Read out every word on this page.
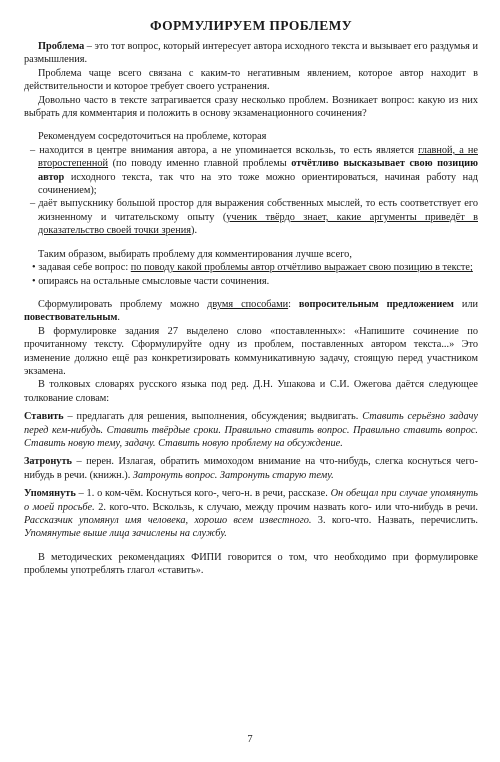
ФОРМУЛИРУЕМ ПРОБЛЕМУ

Проблема – это тот вопрос, который интересует автора исходного текста и вызывает его раздумья и размышления.

Проблема чаще всего связана с каким-то негативным явлением, которое автор находит в действительности и которое требует своего устранения.

Довольно часто в тексте затрагивается сразу несколько проблем. Возникает вопрос: какую из них выбрать для комментария и положить в основу экзаменационного сочинения?

Рекомендуем сосредоточиться на проблеме, которая

– находится в центре внимания автора, а не упоминается вскользь, то есть является главной, а не второстепенной (по поводу именно главной проблемы отчётливо высказывает свою позицию автор исходного текста, так что на это тоже можно ориентироваться, начиная работу над сочинением);

– даёт выпускнику большой простор для выражения собственных мыслей, то есть соответствует его жизненному и читательскому опыту (ученик твёрдо знает, какие аргументы приведёт в доказательство своей точки зрения).

Таким образом, выбирать проблему для комментирования лучше всего,

• задавая себе вопрос: по поводу какой проблемы автор отчётливо выражает свою позицию в тексте;

• опираясь на остальные смысловые части сочинения.

Сформулировать проблему можно двумя способами: вопросительным предложением или повествовательным.

В формулировке задания 27 выделено слово «поставленных»: «Напишите сочинение по прочитанному тексту. Сформулируйте одну из проблем, поставленных автором текста...» Это изменение должно ещё раз конкретизировать коммуникативную задачу, стоящую перед участником экзамена.

В толковых словарях русского языка под ред. Д.Н. Ушакова и С.И. Ожегова даётся следующее толкование словам:

Ставить – предлагать для решения, выполнения, обсуждения; выдвигать. Ставить серьёзно задачу перед кем-нибудь. Ставить твёрдые сроки. Правильно ставить вопрос. Правильно ставить вопрос. Ставить новую тему, задачу. Ставить новую проблему на обсуждение.

Затронуть – перен. Излагая, обратить мимоходом внимание на что-нибудь, слегка коснуться чего-нибудь в речи. (книжн.). Затронуть вопрос. Затронуть старую тему.

Упомянуть – 1. о ком-чём. Коснуться кого-, чего-н. в речи, рассказе. Он обещал при случае упомянуть о моей просьбе. 2. кого-что. Вскользь, к случаю, между прочим назвать кого- или что-нибудь в речи. Рассказчик упомянул имя человека, хорошо всем известного. 3. кого-что. Назвать, перечислить. Упомянутые выше лица зачислены на службу.

В методических рекомендациях ФИПИ говорится о том, что необходимо при формулировке проблемы употреблять глагол «ставить».

7
